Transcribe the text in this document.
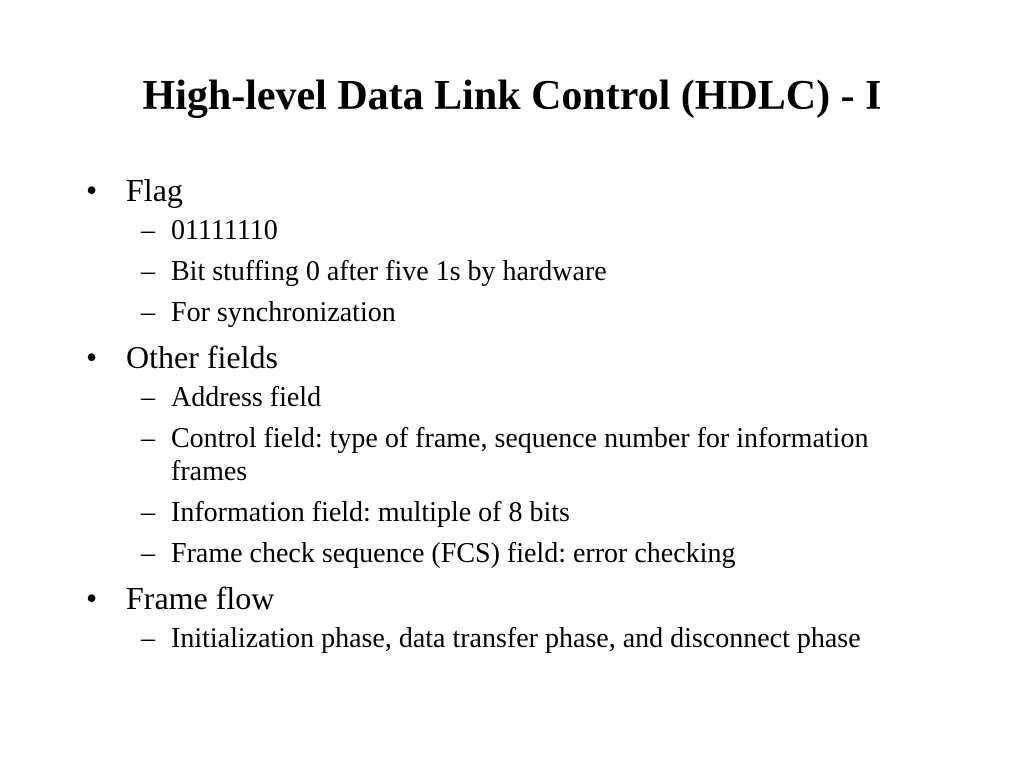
High-level Data Link Control (HDLC) - I
• Flag
– 01111110
– Bit stuffing 0 after five 1s by hardware
– For synchronization
• Other fields
– Address field
– Control field: type of frame, sequence number for information frames
– Information field: multiple of 8 bits
– Frame check sequence (FCS) field: error checking
• Frame flow
– Initialization phase, data transfer phase, and disconnect phase
